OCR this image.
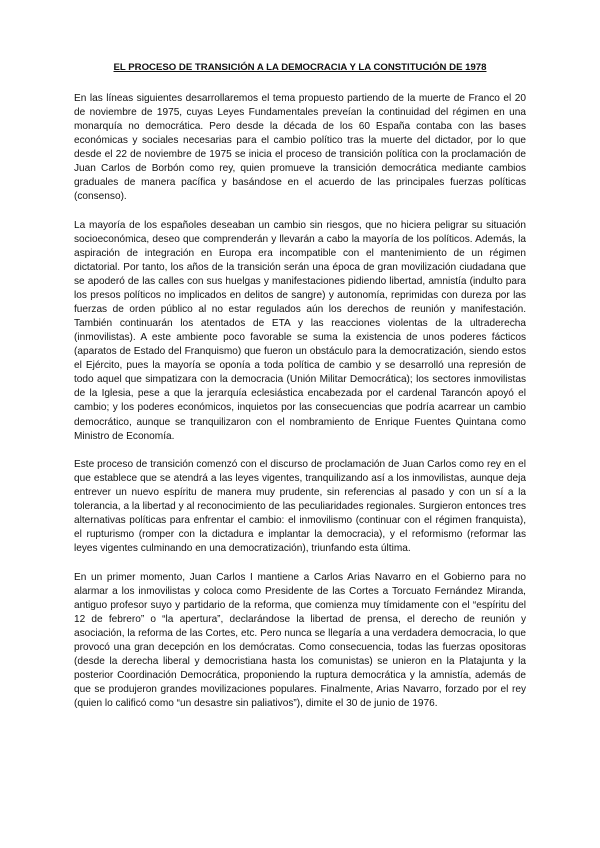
EL PROCESO DE TRANSICIÓN A LA DEMOCRACIA Y LA CONSTITUCIÓN DE 1978

En las líneas siguientes desarrollaremos el tema propuesto partiendo de la muerte de Franco el 20 de noviembre de 1975, cuyas Leyes Fundamentales preveían la continuidad del régimen en una monarquía no democrática. Pero desde la década de los 60 España contaba con las bases económicas y sociales necesarias para el cambio político tras la muerte del dictador, por lo que desde el 22 de noviembre de 1975 se inicia el proceso de transición política con la proclamación de Juan Carlos de Borbón como rey, quien promueve la transición democrática mediante cambios graduales de manera pacífica y basándose en el acuerdo de las principales fuerzas políticas (consenso).

La mayoría de los españoles deseaban un cambio sin riesgos, que no hiciera peligrar su situación socioeconómica, deseo que comprenderán y llevarán a cabo la mayoría de los políticos. Además, la aspiración de integración en Europa era incompatible con el mantenimiento de un régimen dictatorial. Por tanto, los años de la transición serán una época de gran movilización ciudadana que se apoderó de las calles con sus huelgas y manifestaciones pidiendo libertad, amnistía (indulto para los presos políticos no implicados en delitos de sangre) y autonomía, reprimidas con dureza por las fuerzas de orden público al no estar regulados aún los derechos de reunión y manifestación. También continuarán los atentados de ETA y las reacciones violentas de la ultraderecha (inmovilistas). A este ambiente poco favorable se suma la existencia de unos poderes fácticos (aparatos de Estado del Franquismo) que fueron un obstáculo para la democratización, siendo estos el Ejército, pues la mayoría se oponía a toda política de cambio y se desarrolló una represión de todo aquel que simpatizara con la democracia (Unión Militar Democrática); los sectores inmovilistas de la Iglesia, pese a que la jerarquía eclesiástica encabezada por el cardenal Tarancón apoyó el cambio; y los poderes económicos, inquietos por las consecuencias que podría acarrear un cambio democrático, aunque se tranquilizaron con el nombramiento de Enrique Fuentes Quintana como Ministro de Economía.

Este proceso de transición comenzó con el discurso de proclamación de Juan Carlos como rey en el que establece que se atendrá a las leyes vigentes, tranquilizando así a los inmovilistas, aunque deja entrever un nuevo espíritu de manera muy prudente, sin referencias al pasado y con un sí a la tolerancia, a la libertad y al reconocimiento de las peculiaridades regionales. Surgieron entonces tres alternativas políticas para enfrentar el cambio: el inmovilismo (continuar con el régimen franquista), el rupturismo (romper con la dictadura e implantar la democracia), y el reformismo (reformar las leyes vigentes culminando en una democratización), triunfando esta última.

En un primer momento, Juan Carlos I mantiene a Carlos Arias Navarro en el Gobierno para no alarmar a los inmovilistas y coloca como Presidente de las Cortes a Torcuato Fernández Miranda, antiguo profesor suyo y partidario de la reforma, que comienza muy tímidamente con el “espíritu del 12 de febrero” o “la apertura”, declarándose la libertad de prensa, el derecho de reunión y asociación, la reforma de las Cortes, etc. Pero nunca se llegaría a una verdadera democracia, lo que provocó una gran decepción en los demócratas. Como consecuencia, todas las fuerzas opositoras (desde la derecha liberal y democristiana hasta los comunistas) se unieron en la Platajunta y la posterior Coordinación Democrática, proponiendo la ruptura democrática y la amnistía, además de que se produjeron grandes movilizaciones populares. Finalmente, Arias Navarro, forzado por el rey (quien lo calificó como “un desastre sin paliativos”), dimite el 30 de junio de 1976.
